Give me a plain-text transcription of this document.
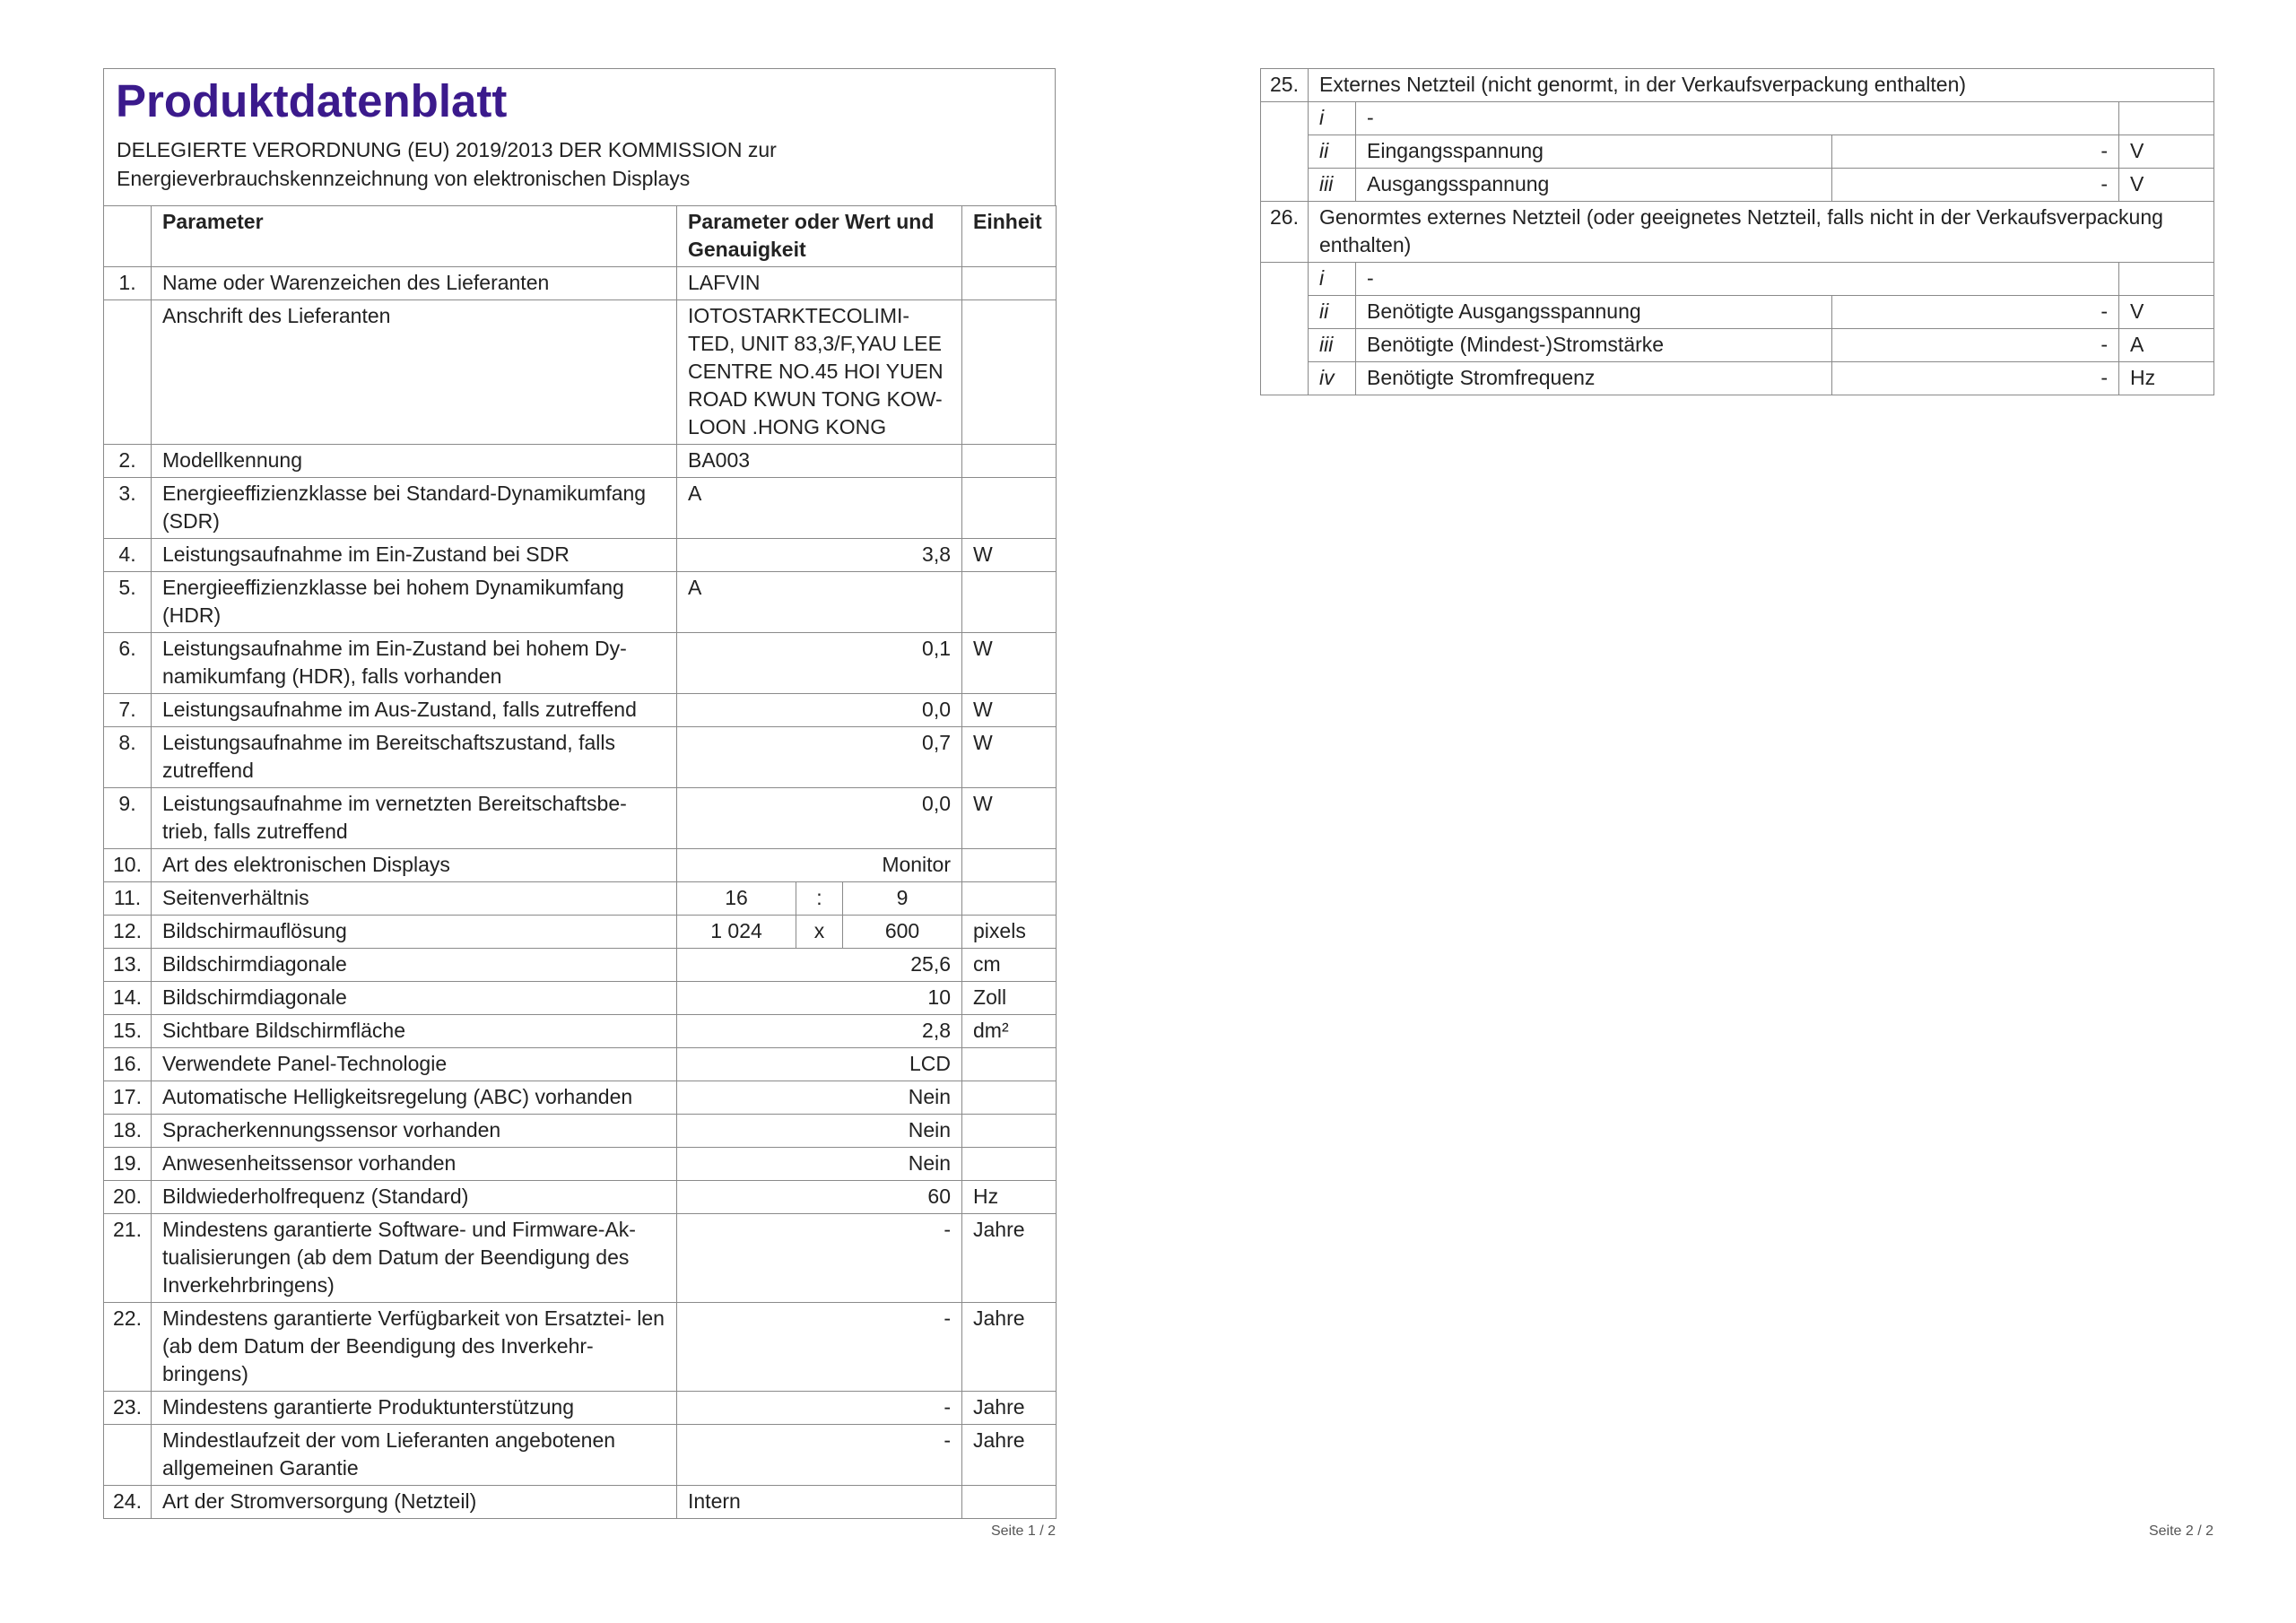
Produktdatenblatt
DELEGIERTE VERORDNUNG (EU) 2019/2013 DER KOMMISSION zur Energieverbrauchskennzeichnung von elektronischen Displays
	Parameter	Parameter oder Wert und Genauigkeit			Einheit
1.	Name oder Warenzeichen des Lieferanten	LAFVIN			
	Anschrift des Lieferanten	IOTOSTARKTECOLIMI- TED, UNIT 83,3/F,YAU LEE CENTRE NO.45 HOI YUEN ROAD KWUN TONG KOW- LOON .HONG KONG			
2.	Modellkennung	BA003			
3.	Energieeffizienzklasse bei Standard-Dynamikumfang (SDR)	A			
4.	Leistungsaufnahme im Ein-Zustand bei SDR	3,8			W
5.	Energieeffizienzklasse bei hohem Dynamikumfang (HDR)	A			
6.	Leistungsaufnahme im Ein-Zustand bei hohem Dy- namikumfang (HDR), falls vorhanden	0,1			W
7.	Leistungsaufnahme im Aus-Zustand, falls zutreffend	0,0			W
8.	Leistungsaufnahme im Bereitschaftszustand, falls zutreffend	0,7			W
9.	Leistungsaufnahme im vernetzten Bereitschaftsbe- trieb, falls zutreffend	0,0			W
10.	Art des elektronischen Displays	Monitor			
11.	Seitenverhältnis	16	:	9	
12.	Bildschirmauflösung	1 024	x	600	pixels
13.	Bildschirmdiagonale	25,6			cm
14.	Bildschirmdiagonale	10			Zoll
15.	Sichtbare Bildschirmfläche	2,8			dm²
16.	Verwendete Panel-Technologie	LCD			
17.	Automatische Helligkeitsregelung (ABC) vorhanden	Nein			
18.	Spracherkennungssensor vorhanden	Nein			
19.	Anwesenheitssensor vorhanden	Nein			
20.	Bildwiederholfrequenz (Standard)	60			Hz
21.	Mindestens garantierte Software- und Firmware-Ak- tualisierungen (ab dem Datum der Beendigung des Inverkehrbringens)	-			Jahre
22.	Mindestens garantierte Verfügbarkeit von Ersatztei- len (ab dem Datum der Beendigung des Inverkehr- bringens)	-			Jahre
23.	Mindestens garantierte Produktunterstützung	-			Jahre
	Mindestlaufzeit der vom Lieferanten angebotenen allgemeinen Garantie	-			Jahre
24.	Art der Stromversorgung (Netzteil)	Intern			
Seite 1 / 2
25.	Externes Netzteil (nicht genormt, in der Verkaufsverpackung enthalten)			
	i	-		
	ii	Eingangsspannung	-	V
	iii	Ausgangsspannung	-	V
26.	Genormtes externes Netzteil (oder geeignetes Netzteil, falls nicht in der Verkaufsverpackung enthalten)			
	i	-		
	ii	Benötigte Ausgangsspannung	-	V
	iii	Benötigte (Mindest-)Stromstärke	-	A
	iv	Benötigte Stromfrequenz	-	Hz
Seite 2 / 2
